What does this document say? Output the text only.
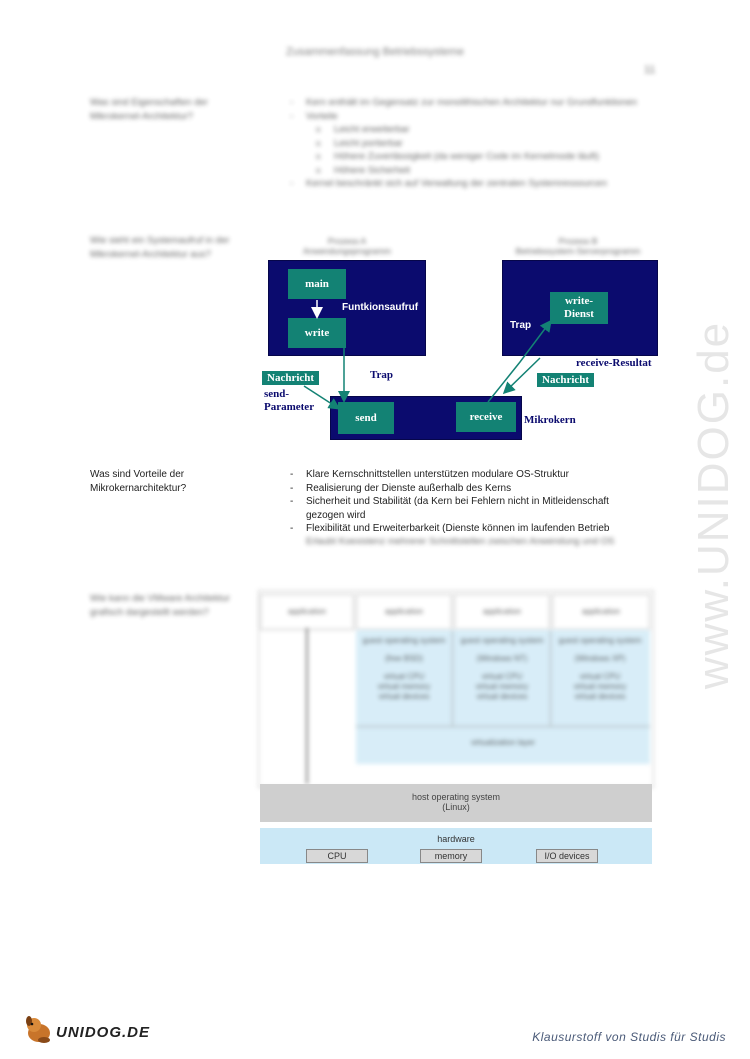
Zusammenfassung Betriebssysteme
11
www.UNIDOG.de
Was sind Eigenschaften der Mikrokernel-Architektur?
- Kern enthält im Gegensatz zur monolithischen Architektur nur Grundfunktionen
- Vorteile
o Leicht erweiterbar
o Leicht portierbar
o Höhere Zuverlässigkeit (da weniger Code im Kernelmode läuft)
o Höhere Sicherheit
- Kernel beschränkt sich auf Verwaltung der zentralen Systemressourcen
Wie sieht ein Systemaufruf in der Mikrokernel-Architektur aus?
Prozess A
Anwendungsprogramm
Prozess B
Betriebssystem-Serverprogramm
main
write
Funtkionsaufruf
write-Dienst
Trap
receive-Resultat
Nachricht
send-Parameter
Trap	Nachricht
send	receive	Mikrokern
Was sind Vorteile der Mikrokernarchitektur?
- Klare Kernschnittstellen unterstützen modulare OS-Struktur
- Realisierung der Dienste außerhalb des Kerns
- Sicherheit und Stabilität (da Kern bei Fehlern nicht in Mitleidenschaft gezogen wird
- Flexibilität und Erweiterbarkeit (Dienste können im laufenden Betrieb
Erlaubt Koexistenz mehrerer Schnittstellen zwischen Anwendung und OS
Wie kann die VMware Architektur grafisch dargestellt werden?	application	application	application	application
guest operating system
(free BSD)
virtual CPU
virtual memory
virtual devices
guest operating system
(Windows NT)
virtual CPU
virtual memory
virtual devices
guest operating system
(Windows XP)
virtual CPU
virtual memory
virtual devices
virtualization layer
host operating system
(Linux)
hardware
CPU	memory	I/O devices
UNIDOG.DE	Klausurstoff von Studis für Studis
